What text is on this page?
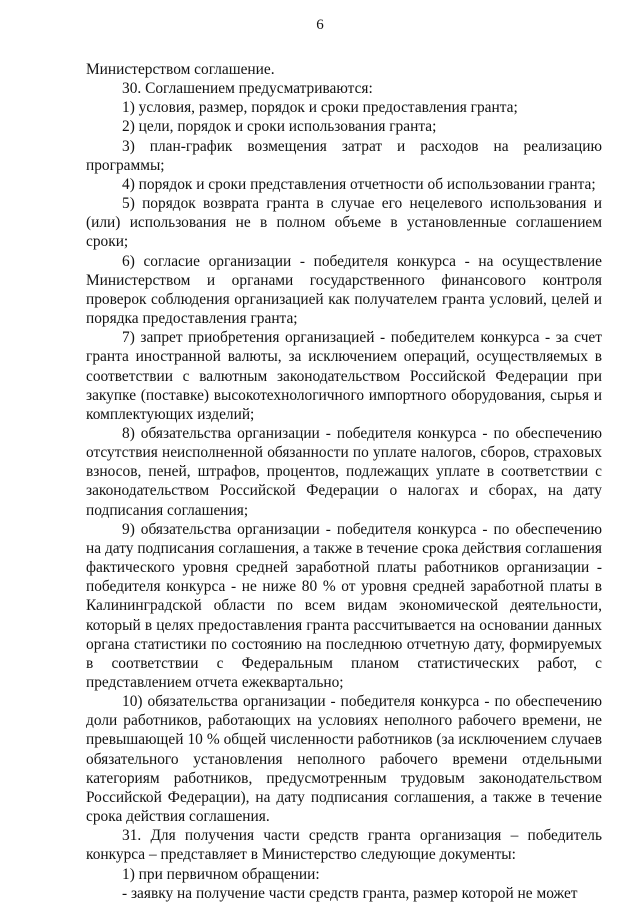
6

Министерством соглашение.

30. Соглашением предусматриваются:

1) условия, размер, порядок и сроки предоставления гранта;

2) цели, порядок и сроки использования гранта;

3) план-график возмещения затрат и расходов на реализацию программы;

4) порядок и сроки представления отчетности об использовании гранта;

5) порядок возврата гранта в случае его нецелевого использования и (или) использования не в полном объеме в установленные соглашением сроки;

6) согласие организации - победителя конкурса - на осуществление Министерством и органами государственного финансового контроля проверок соблюдения организацией как получателем гранта условий, целей и порядка предоставления гранта;

7) запрет приобретения организацией - победителем конкурса - за счет гранта иностранной валюты, за исключением операций, осуществляемых в соответствии с валютным законодательством Российской Федерации при закупке (поставке) высокотехнологичного импортного оборудования, сырья и комплектующих изделий;

8) обязательства организации - победителя конкурса - по обеспечению отсутствия неисполненной обязанности по уплате налогов, сборов, страховых взносов, пеней, штрафов, процентов, подлежащих уплате в соответствии с законодательством Российской Федерации о налогах и сборах, на дату подписания соглашения;

9) обязательства организации - победителя конкурса - по обеспечению на дату подписания соглашения, а также в течение срока действия соглашения фактического уровня средней заработной платы работников организации - победителя конкурса - не ниже 80 % от уровня средней заработной платы в Калининградской области по всем видам экономической деятельности, который в целях предоставления гранта рассчитывается на основании данных органа статистики по состоянию на последнюю отчетную дату, формируемых в соответствии с Федеральным планом статистических работ, с представлением отчета ежеквартально;

10) обязательства организации - победителя конкурса - по обеспечению доли работников, работающих на условиях неполного рабочего времени, не превышающей 10 % общей численности работников (за исключением случаев обязательного установления неполного рабочего времени отдельными категориям работников, предусмотренным трудовым законодательством Российской Федерации), на дату подписания соглашения, а также в течение срока действия соглашения.

31. Для получения части средств гранта организация – победитель конкурса – представляет в Министерство следующие документы:

1) при первичном обращении:

- заявку на получение части средств гранта, размер которой не может
